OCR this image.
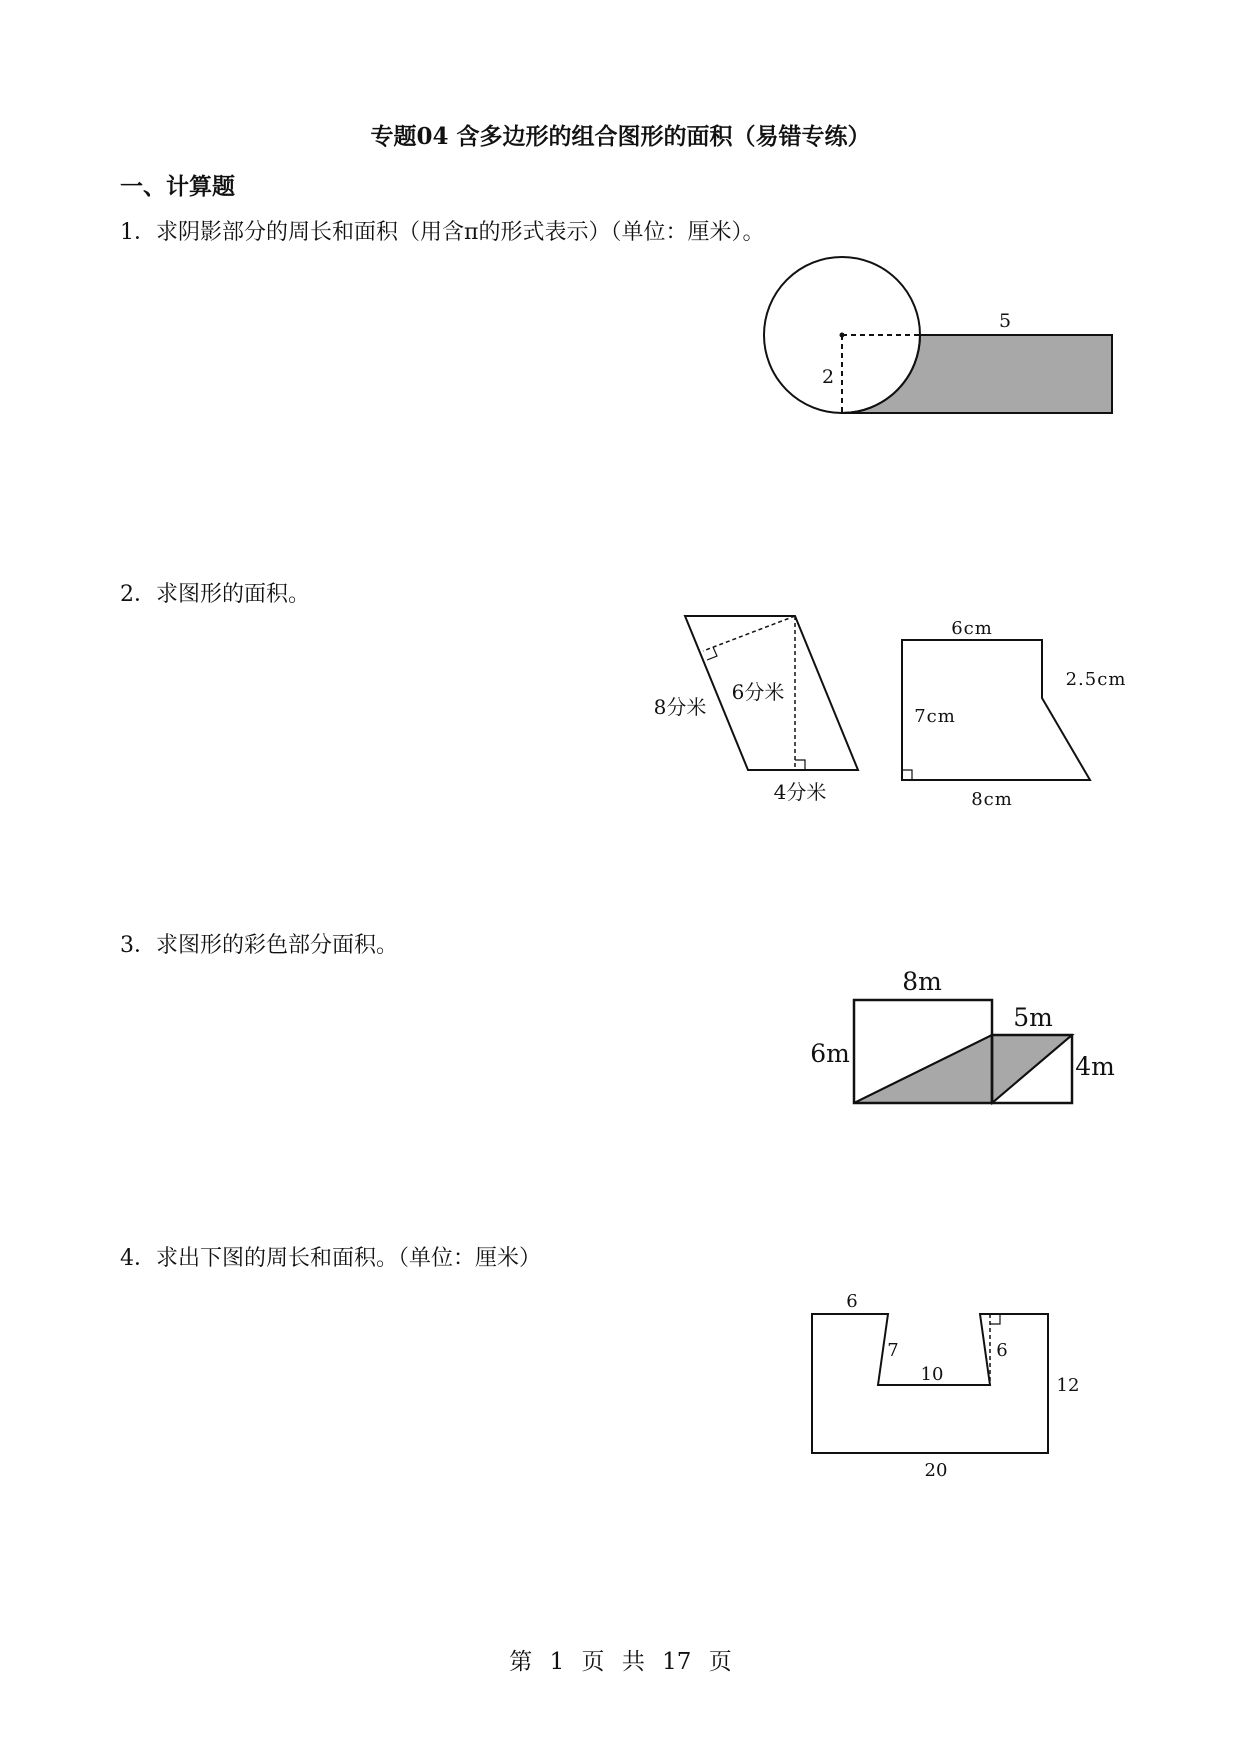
专题04 含多边形的组合图形的面积（易错专练）
一、计算题
1．求阴影部分的周长和面积（用含π的形式表示）（单位：厘米）。
2．求图形的面积。
3．求图形的彩色部分面积。
4．求出下图的周长和面积。（单位：厘米）
2
5
8分米
6分米
4分米
6cm
2.5cm
7cm
8cm
8m
6m
5m
4m
6
7
10
6
12
20
第 1 页 共 17 页
